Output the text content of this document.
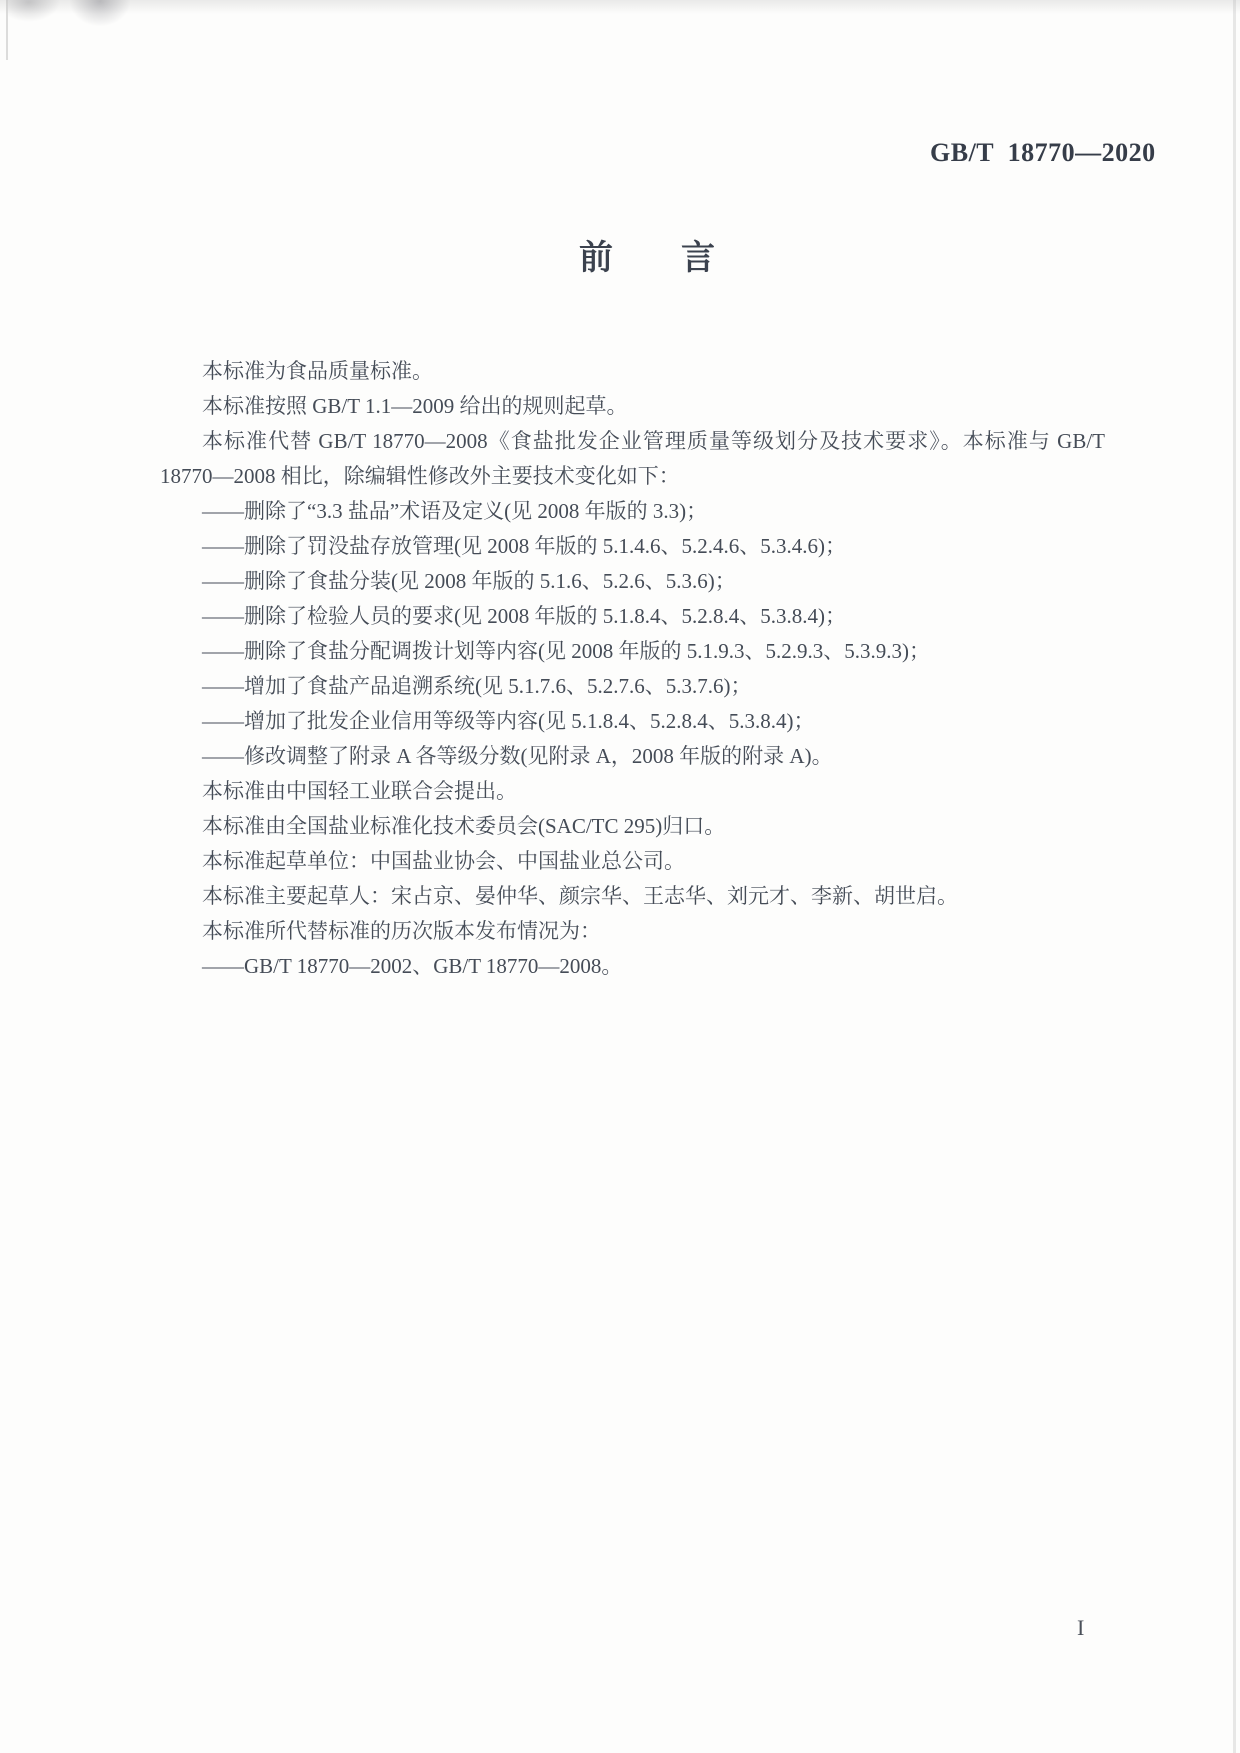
GB/T 18770—2020
前　　言

本标准为食品质量标准。

本标准按照 GB/T 1.1—2009 给出的规则起草。

本标准代替 GB/T 18770—2008《食盐批发企业管理质量等级划分及技术要求》。本标准与 GB/T 18770—2008 相比，除编辑性修改外主要技术变化如下：

——删除了“3.3 盐品”术语及定义(见 2008 年版的 3.3)；

——删除了罚没盐存放管理(见 2008 年版的 5.1.4.6、5.2.4.6、5.3.4.6)；

——删除了食盐分装(见 2008 年版的 5.1.6、5.2.6、5.3.6)；

——删除了检验人员的要求(见 2008 年版的 5.1.8.4、5.2.8.4、5.3.8.4)；

——删除了食盐分配调拨计划等内容(见 2008 年版的 5.1.9.3、5.2.9.3、5.3.9.3)；

——增加了食盐产品追溯系统(见 5.1.7.6、5.2.7.6、5.3.7.6)；

——增加了批发企业信用等级等内容(见 5.1.8.4、5.2.8.4、5.3.8.4)；

——修改调整了附录 A 各等级分数(见附录 A，2008 年版的附录 A)。

本标准由中国轻工业联合会提出。

本标准由全国盐业标准化技术委员会(SAC/TC 295)归口。

本标准起草单位：中国盐业协会、中国盐业总公司。

本标准主要起草人：宋占京、晏仲华、颜宗华、王志华、刘元才、李新、胡世启。

本标准所代替标准的历次版本发布情况为：

——GB/T 18770—2002、GB/T 18770—2008。

I
